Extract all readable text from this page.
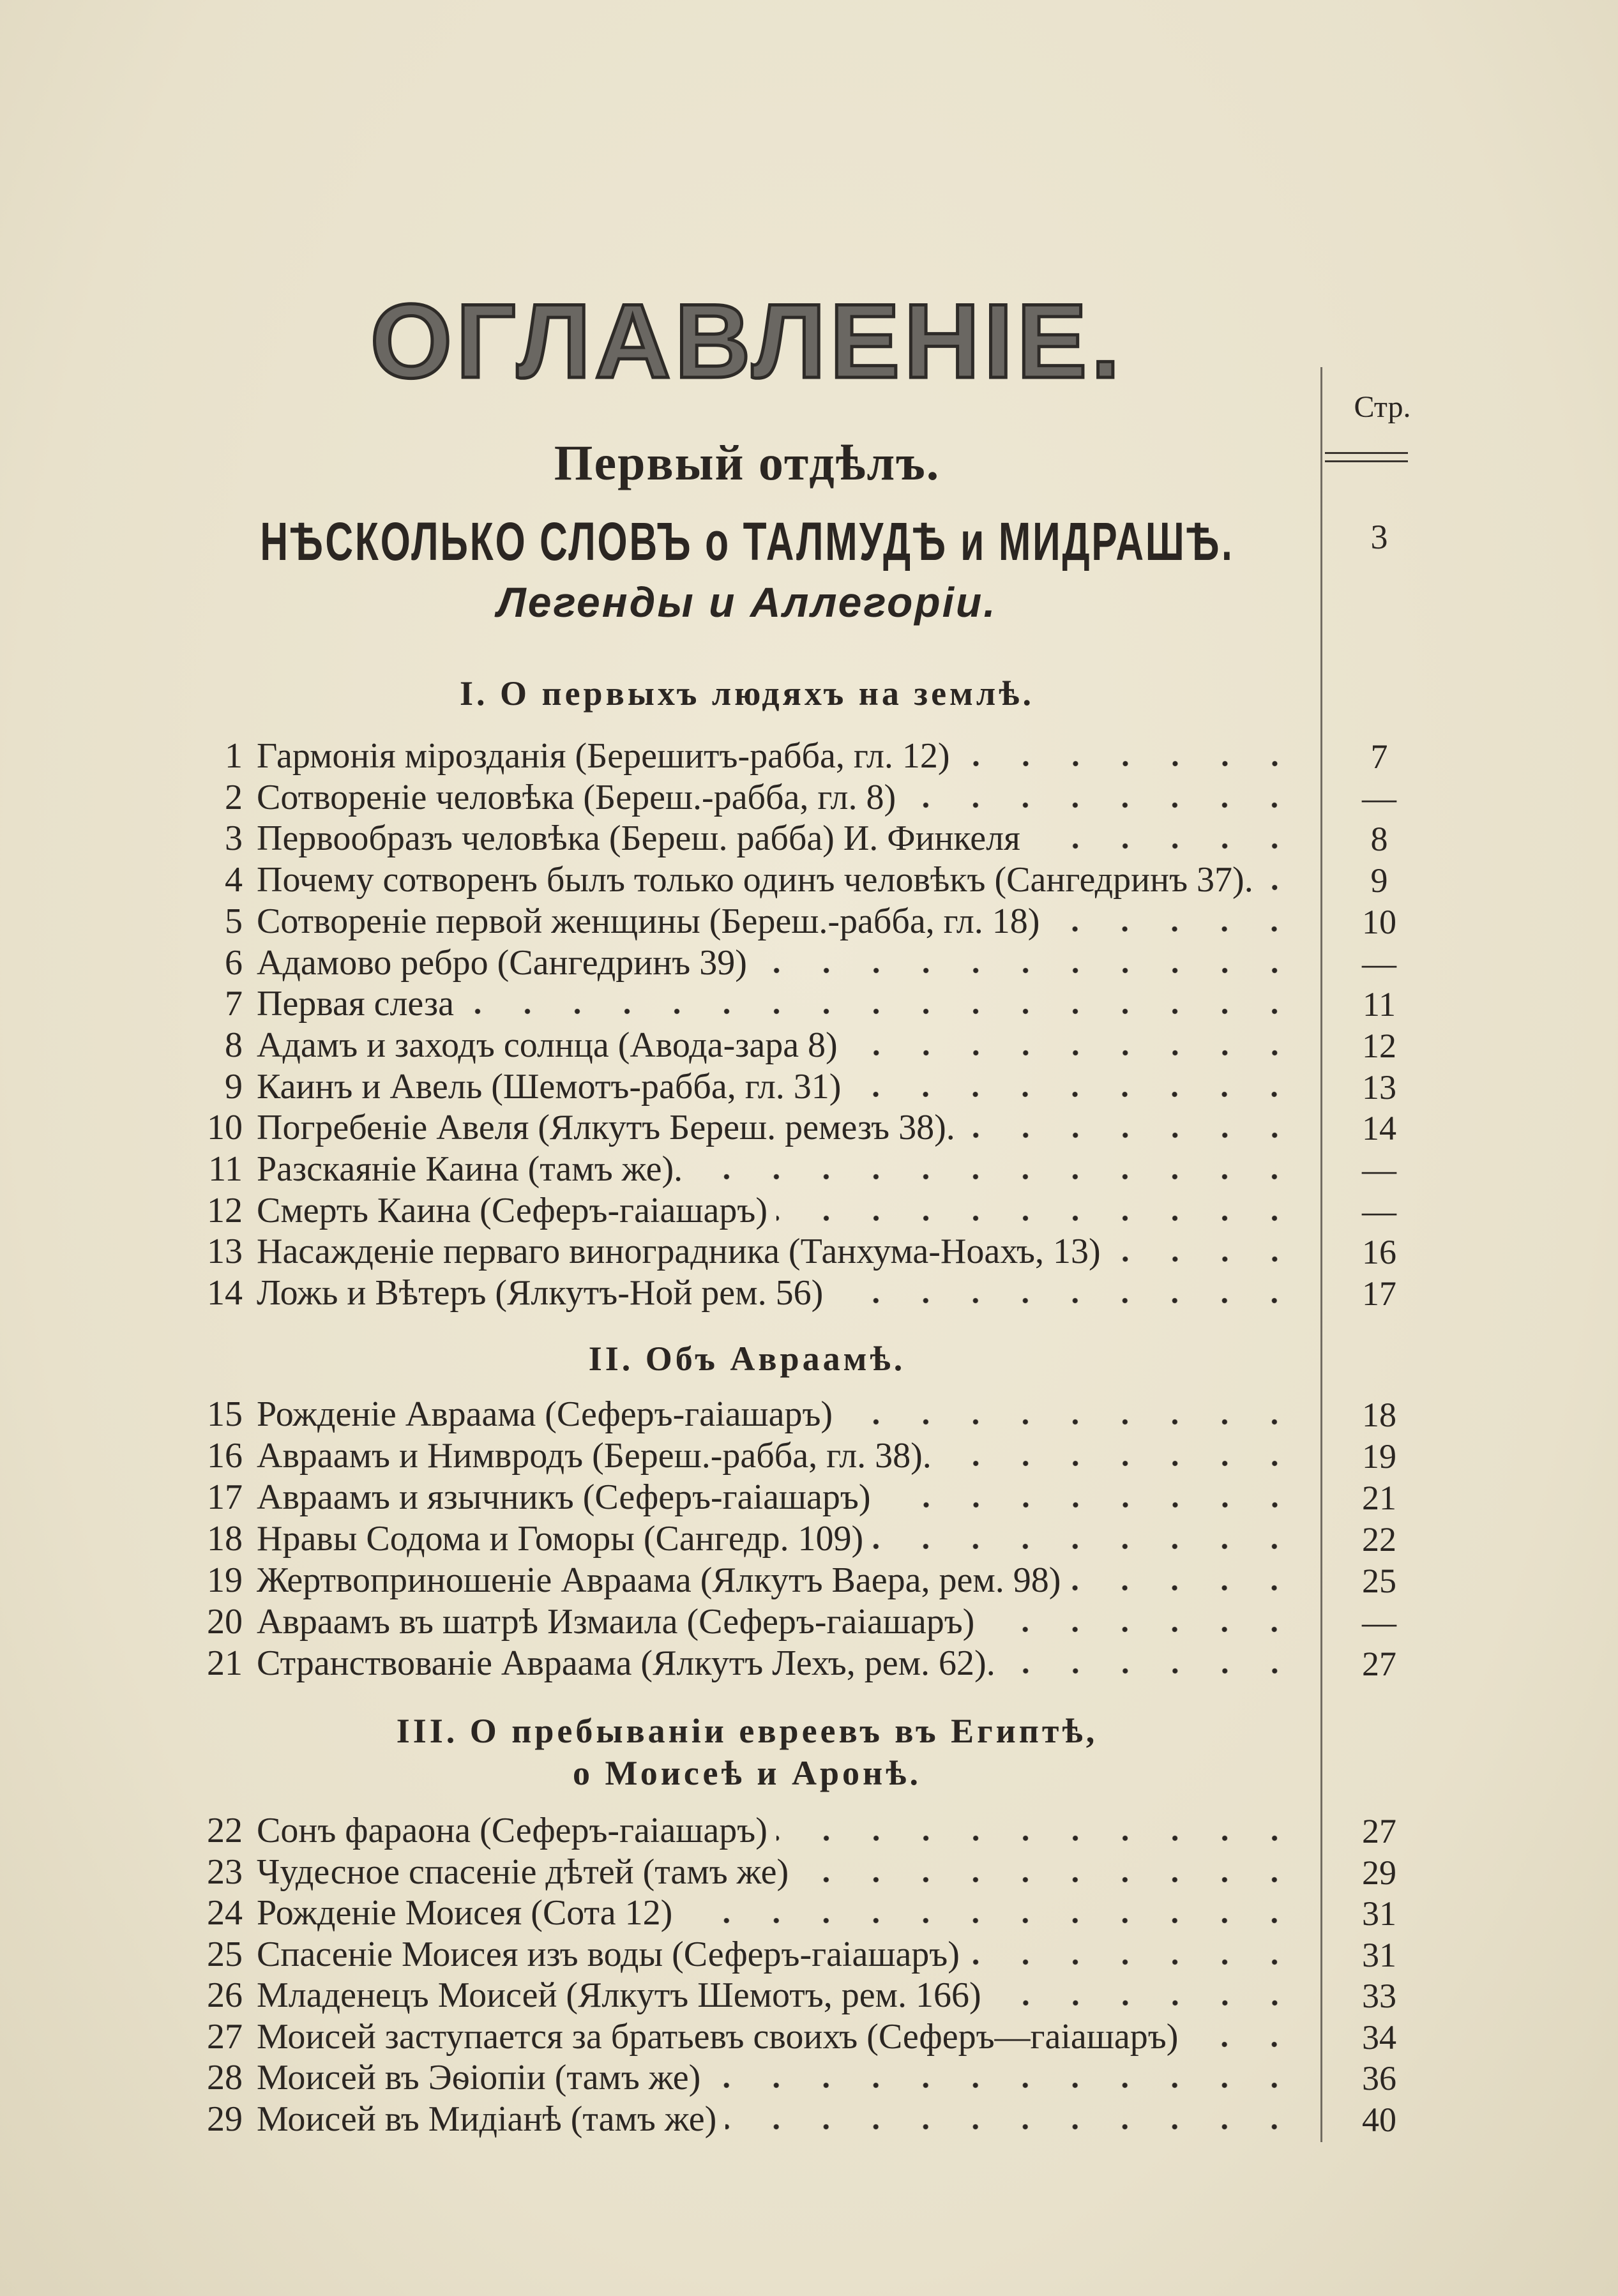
ОГЛАВЛЕНІЕ.
Стр.
Первый отдѣлъ.
НѢСКОЛЬКО СЛОВЪ о ТАЛМУДѢ и МИДРАШѢ.	3
Легенды и Аллегоріи.
I. О первыхъ людяхъ на землѣ.
1 Гармонія мірозданія (Берешитъ-рабба, гл. 12)	7
2 Сотвореніе человѣка (Береш.-рабба, гл. 8)	—
3 Первообразъ человѣка (Береш. рабба) И. Финкеля	8
4 Почему сотворенъ былъ только одинъ человѣкъ (Сангедринъ 37).	9
5 Сотвореніе первой женщины (Береш.-рабба, гл. 18)	10
6 Адамово ребро (Сангедринъ 39)	—
7 Первая слеза	11
8 Адамъ и заходъ солнца (Авода-зара 8)	12
9 Каинъ и Авель (Шемотъ-рабба, гл. 31)	13
10 Погребеніе Авеля (Ялкутъ Береш. ремезъ 38).	14
11 Разскаяніе Каина (тамъ же).	—
12 Смерть Каина (Сеферъ-гаіашаръ)	—
13 Насажденіе перваго виноградника (Танхума-Ноахъ, 13)	16
14 Ложь и Вѣтеръ (Ялкутъ-Ной рем. 56)	17
II. Объ Авраамѣ.
15 Рожденіе Авраама (Сеферъ-гаіашаръ)	18
16 Авраамъ и Нимвродъ (Береш.-рабба, гл. 38).	19
17 Авраамъ и язычникъ (Сеферъ-гаіашаръ)	21
18 Нравы Содома и Гоморы (Сангедр. 109)	22
19 Жертвоприношеніе Авраама (Ялкутъ Ваера, рем. 98)	25
20 Авраамъ въ шатрѣ Измаила (Сеферъ-гаіашаръ)	—
21 Странствованіе Авраама (Ялкутъ Лехъ, рем. 62).	27
III. О пребываніи евреевъ въ Египтѣ,
о Моисеѣ и Аронѣ.
22 Сонъ фараона (Сеферъ-гаіашаръ)	27
23 Чудесное спасеніе дѣтей (тамъ же)	29
24 Рожденіе Моисея (Сота 12)	31
25 Спасеніе Моисея изъ воды (Сеферъ-гаіашаръ)	31
26 Младенецъ Моисей (Ялкутъ Шемотъ, рем. 166)	33
27 Моисей заступается за братьевъ своихъ (Сеферъ—гаіашаръ)	34
28 Моисей въ Эѳіопіи (тамъ же)	36
29 Моисей въ Мидіанѣ (тамъ же)	40
